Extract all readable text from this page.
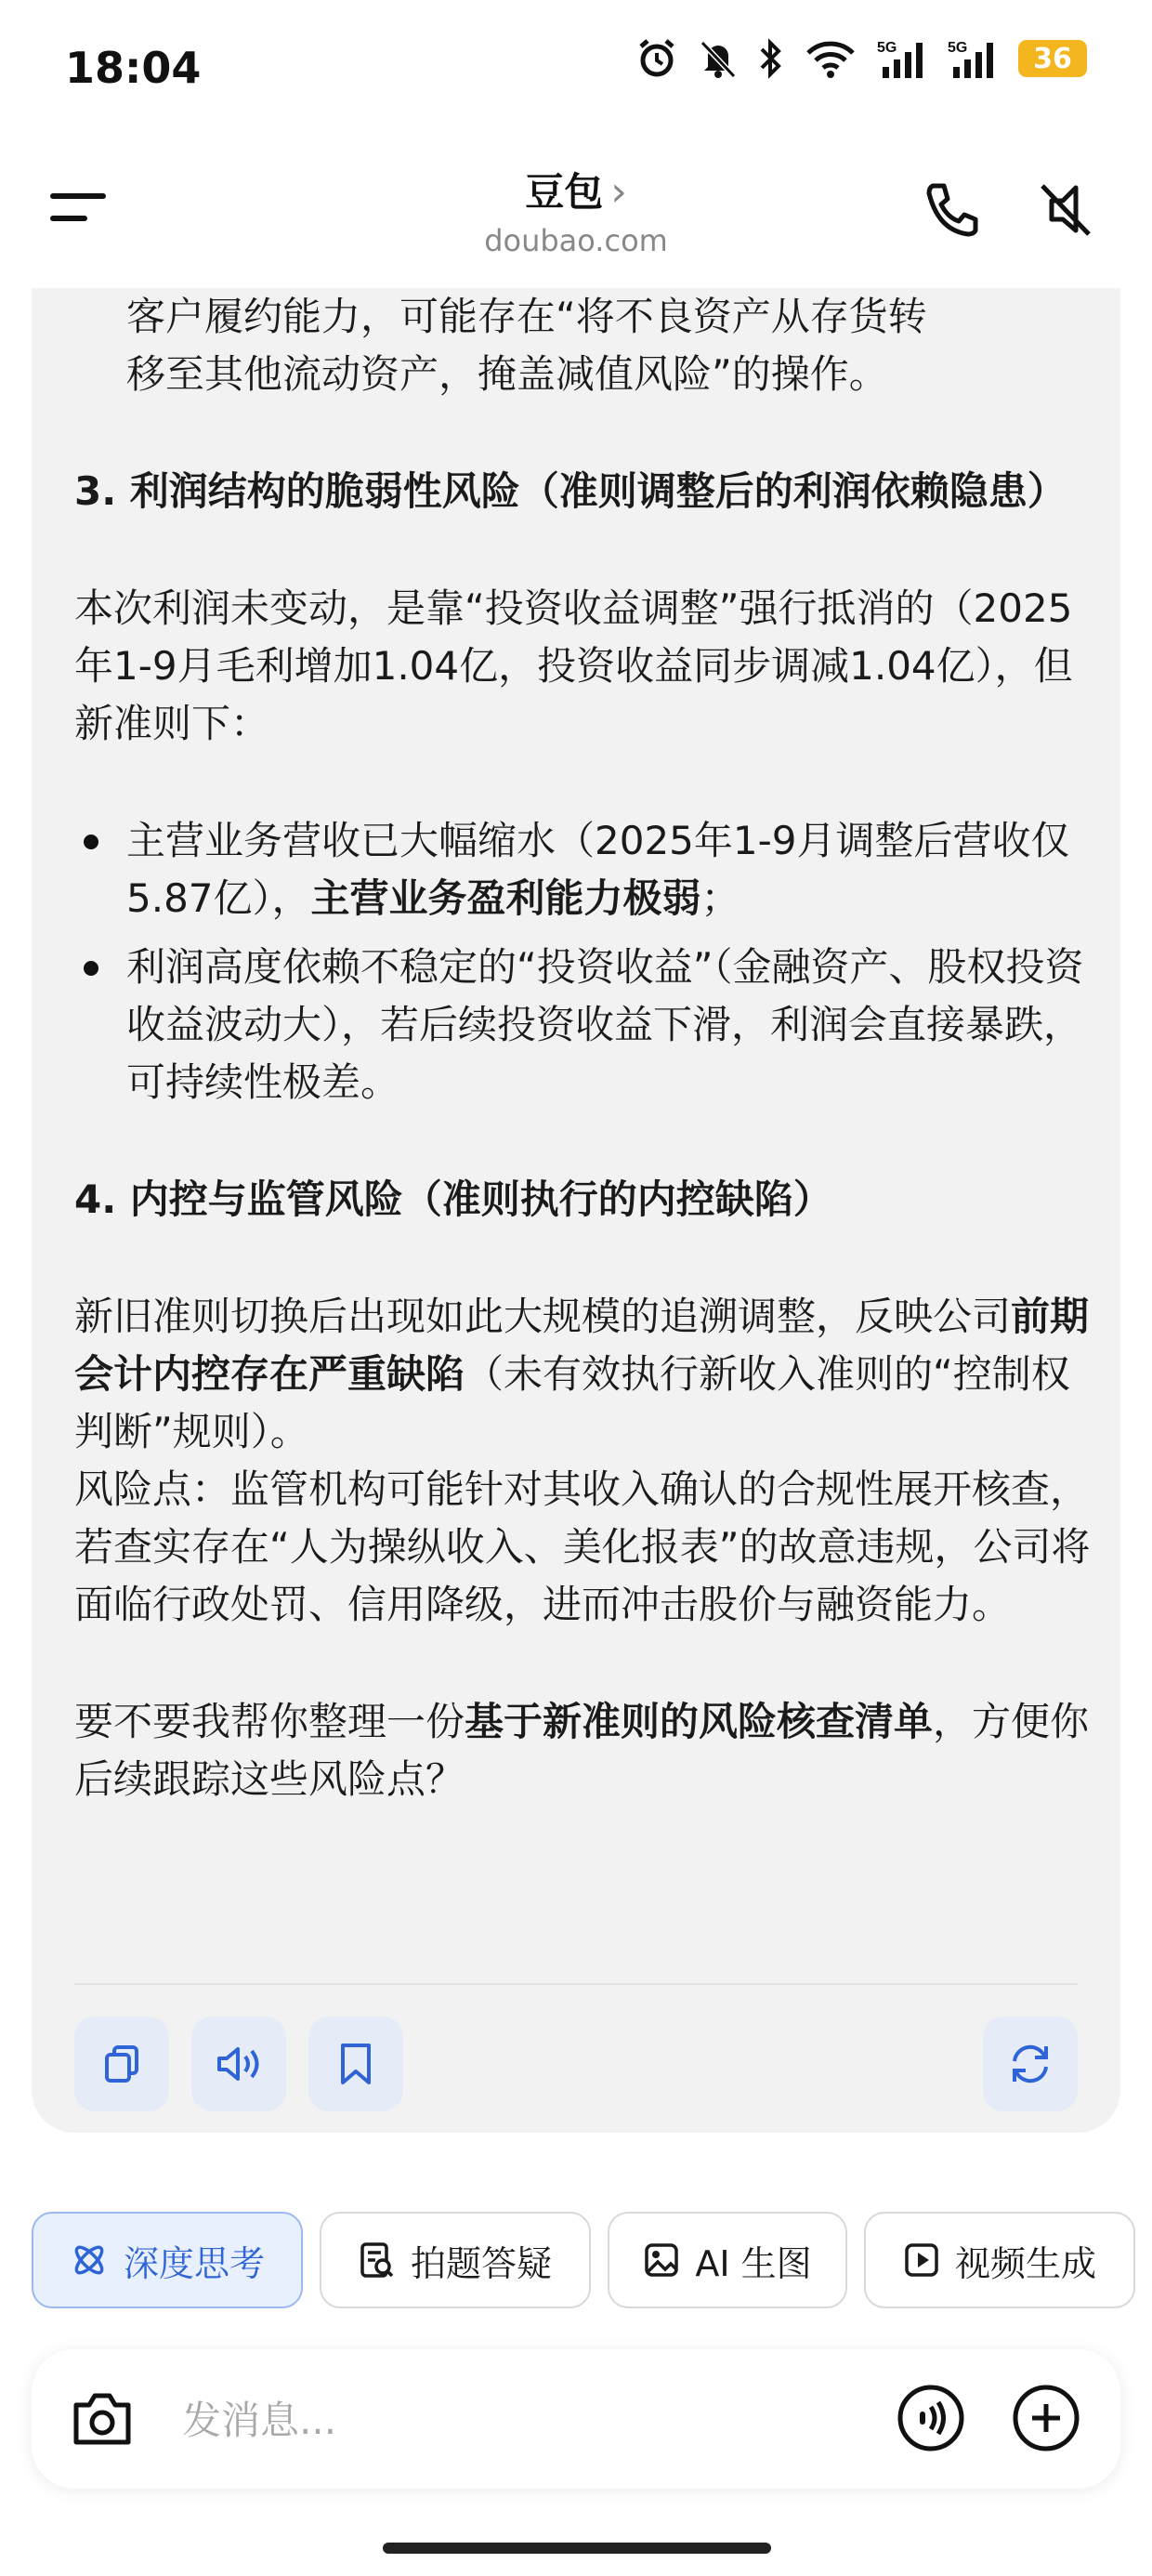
18:04	5G	5G	36
豆包 ›
doubao.com

客户履约能力，可能存在“将不良资产从存货转

移至其他流动资产，掩盖减值风险”的操作。

3. 利润结构的脆弱性风险（准则调整后的利润依赖隐患）

本次利润未变动，是靠“投资收益调整”强行抵消的（2025年1-9月毛利增加1.04亿，投资收益同步调减1.04亿），但新准则下：

主营业务营收已大幅缩水（2025年1-9月调整后营收仅5.87亿），主营业务盈利能力极弱；

利润高度依赖不稳定的“投资收益”（金融资产、股权投资收益波动大），若后续投资收益下滑，利润会直接暴跌，可持续性极差。

4. 内控与监管风险（准则执行的内控缺陷）

新旧准则切换后出现如此大规模的追溯调整，反映公司前期会计内控存在严重缺陷（未有效执行新收入准则的“控制权判断”规则）。

风险点：监管机构可能针对其收入确认的合规性展开核查，若查实存在“人为操纵收入、美化报表”的故意违规，公司将面临行政处罚、信用降级，进而冲击股价与融资能力。

要不要我帮你整理一份基于新准则的风险核查清单，方便你后续跟踪这些风险点？

深度思考	拍题答疑	AI 生图	视频生成
发消息...
